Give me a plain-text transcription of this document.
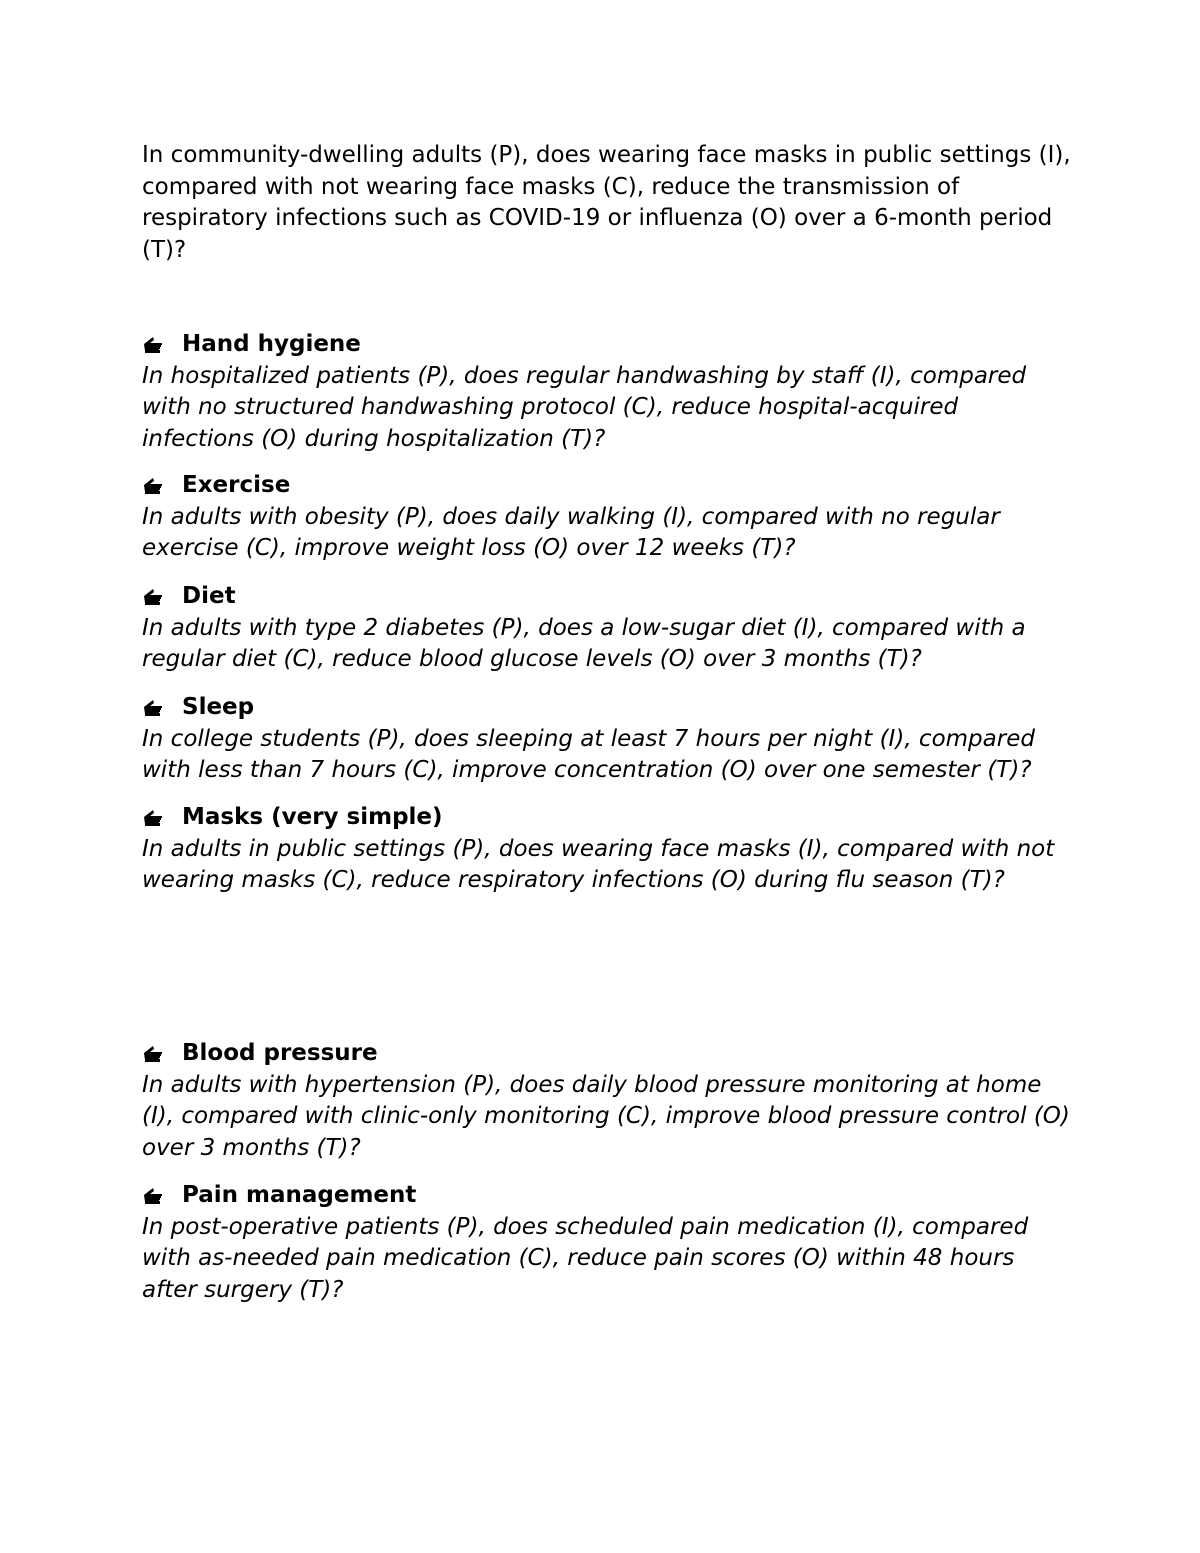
In community-dwelling adults (P), does wearing face masks in public settings (I), compared with not wearing face masks (C), reduce the transmission of respiratory infections such as COVID-19 or influenza (O) over a 6-month period (T)?

Hand hygiene

In hospitalized patients (P), does regular handwashing by staff (I), compared with no structured handwashing protocol (C), reduce hospital-acquired infections (O) during hospitalization (T)?

Exercise

In adults with obesity (P), does daily walking (I), compared with no regular exercise (C), improve weight loss (O) over 12 weeks (T)?

Diet

In adults with type 2 diabetes (P), does a low-sugar diet (I), compared with a regular diet (C), reduce blood glucose levels (O) over 3 months (T)?

Sleep

In college students (P), does sleeping at least 7 hours per night (I), compared with less than 7 hours (C), improve concentration (O) over one semester (T)?

Masks (very simple)

In adults in public settings (P), does wearing face masks (I), compared with not wearing masks (C), reduce respiratory infections (O) during flu season (T)?

Blood pressure

In adults with hypertension (P), does daily blood pressure monitoring at home (I), compared with clinic-only monitoring (C), improve blood pressure control (O) over 3 months (T)?

Pain management

In post-operative patients (P), does scheduled pain medication (I), compared with as-needed pain medication (C), reduce pain scores (O) within 48 hours after surgery (T)?
